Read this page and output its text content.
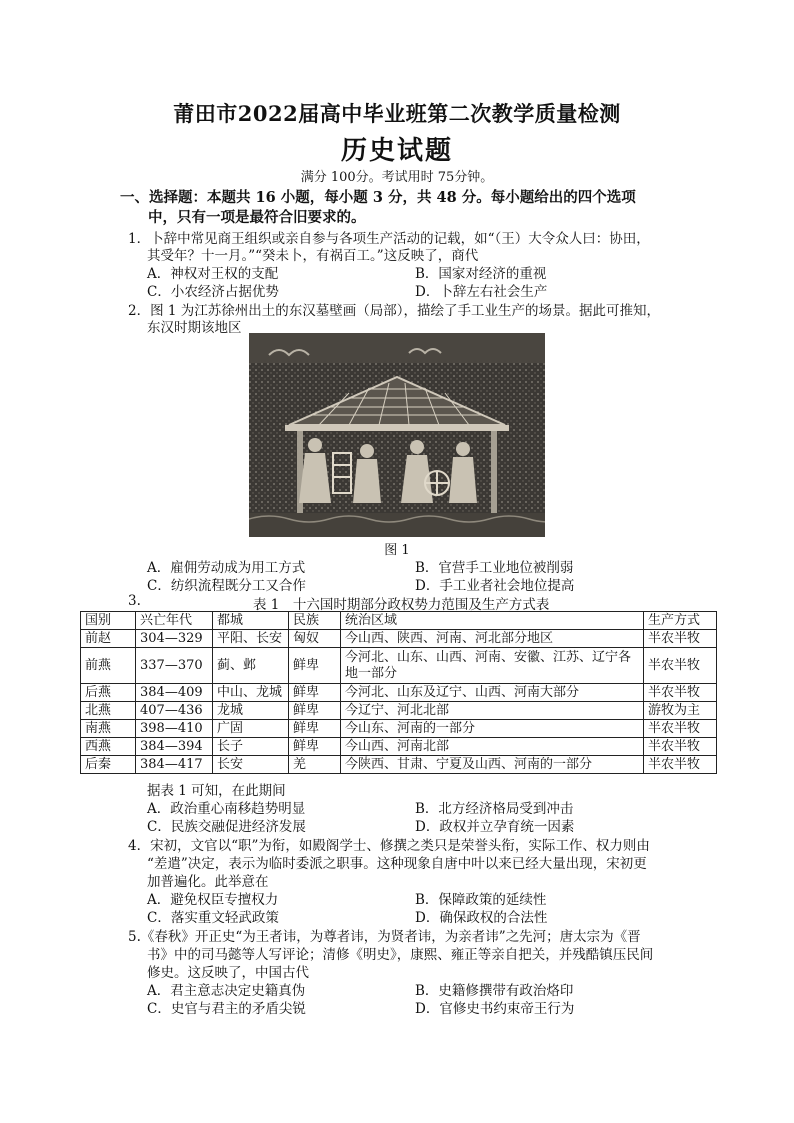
莆田市2022届高中毕业班第二次教学质量检测
历史试题
满分 100分。考试用时 75分钟。
一、选择题：本题共 16 小题，每小题 3 分，共 48 分。每小题给出的四个选项
中，只有一项是最符合旧要求的。
1．卜辞中常见商王组织或亲自参与各项生产活动的记载，如“（王）大令众人曰：协田，
其受年？十一月。”“癸未卜，有祸百工。”这反映了，商代
A．神权对王权的支配	B．国家对经济的重视
C．小农经济占据优势	D．卜辞左右社会生产
2．图 1 为江苏徐州出土的东汉墓壁画（局部），描绘了手工业生产的场景。据此可推知，
东汉时期该地区
图 1
A．雇佣劳动成为用工方式	B．官营手工业地位被削弱
C．纺织流程既分工又合作	D．手工业者社会地位提高
3.	表 1　十六国时期部分政权势力范围及生产方式表
国别	兴亡年代	都城	民族	统治区域	生产方式
前赵	304—329	平阳、长安	匈奴	今山西、陕西、河南、河北部分地区	半农半牧
前燕	337—370	蓟、邺	鲜卑	今河北、山东、山西、河南、安徽、江苏、辽宁各地一部分	半农半牧
后燕	384—409	中山、龙城	鲜卑	今河北、山东及辽宁、山西、河南大部分	半农半牧
北燕	407—436	龙城	鲜卑	今辽宁、河北北部	游牧为主
南燕	398—410	广固	鲜卑	今山东、河南的一部分	半农半牧
西燕	384—394	长子	鲜卑	今山西、河南北部	半农半牧
后秦	384—417	长安	羌	今陕西、甘肃、宁夏及山西、河南的一部分	半农半牧
据表 1 可知，在此期间
A．政治重心南移趋势明显	B．北方经济格局受到冲击
C．民族交融促进经济发展	D．政权并立孕育统一因素
4．宋初，文官以“职”为衔，如殿阁学士、修撰之类只是荣誉头衔，实际工作、权力则由
“差遣”决定，表示为临时委派之职事。这种现象自唐中叶以来已经大量出现，宋初更
加普遍化。此举意在
A．避免权臣专擅权力	B．保障政策的延续性
C．落实重文轻武政策	D．确保政权的合法性
5.《春秋》开正史“为王者讳，为尊者讳，为贤者讳，为亲者讳”之先河；唐太宗为《晋
书》中的司马懿等人写评论；清修《明史》，康熙、雍正等亲自把关，并残酷镇压民间
修史。这反映了，中国古代
A．君主意志决定史籍真伪	B．史籍修撰带有政治烙印
C．史官与君主的矛盾尖锐	D．官修史书约束帝王行为
